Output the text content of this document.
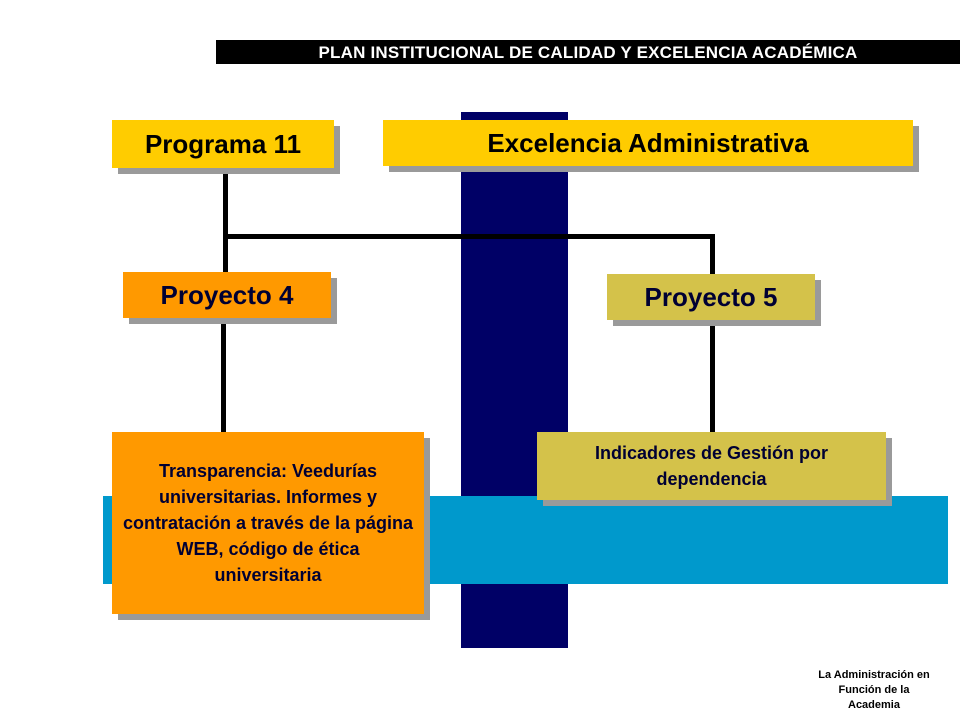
PLAN INSTITUCIONAL DE CALIDAD Y EXCELENCIA ACADÉMICA
Programa 11	Excelencia Administrativa
Proyecto 4	Proyecto 5
Transparencia: Veedurías universitarias. Informes y contratación a través de la página WEB, código de ética universitaria
Indicadores de Gestión por dependencia
La Administración en Función de la Academia
